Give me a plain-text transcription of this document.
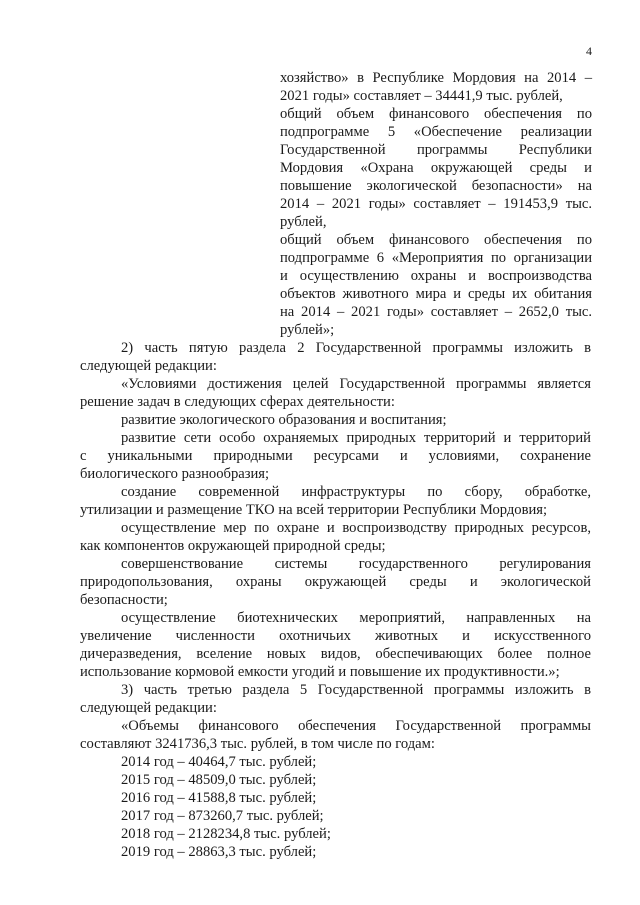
4
хозяйство» в Республике Мордовия на 2014 –
2021 годы» составляет – 34441,9 тыс. рублей,
общий объем финансового обеспечения по
подпрограмме 5 «Обеспечение реализации
Государственной программы Республики
Мордовия «Охрана окружающей среды и
повышение экологической безопасности» на
2014 – 2021 годы» составляет – 191453,9 тыс.
рублей,
общий объем финансового обеспечения по
подпрограмме 6 «Мероприятия по организации
и осуществлению охраны и воспроизводства
объектов животного мира и среды их обитания
на 2014 – 2021 годы» составляет – 2652,0 тыс.
рублей»;
2) часть пятую раздела 2 Государственной программы изложить в
следующей редакции:
«Условиями достижения целей Государственной программы является
решение задач в следующих сферах деятельности:
развитие экологического образования и воспитания;
развитие сети особо охраняемых природных территорий и территорий
с уникальными природными ресурсами и условиями, сохранение
биологического разнообразия;
создание современной инфраструктуры по сбору, обработке,
утилизации и размещение ТКО на всей территории Республики Мордовия;
осуществление мер по охране и воспроизводству природных ресурсов,
как компонентов окружающей природной среды;
совершенствование системы государственного регулирования
природопользования, охраны окружающей среды и экологической
безопасности;
осуществление биотехнических мероприятий, направленных на
увеличение численности охотничьих животных и искусственного
дичеразведения, вселение новых видов, обеспечивающих более полное
использование кормовой емкости угодий и повышение их продуктивности.»;
3) часть третью раздела 5 Государственной программы изложить в
следующей редакции:
«Объемы финансового обеспечения Государственной программы
составляют 3241736,3 тыс. рублей, в том числе по годам:
2014 год – 40464,7 тыс. рублей;
2015 год – 48509,0 тыс. рублей;
2016 год – 41588,8 тыс. рублей;
2017 год – 873260,7 тыс. рублей;
2018 год – 2128234,8 тыс. рублей;
2019 год – 28863,3 тыс. рублей;
